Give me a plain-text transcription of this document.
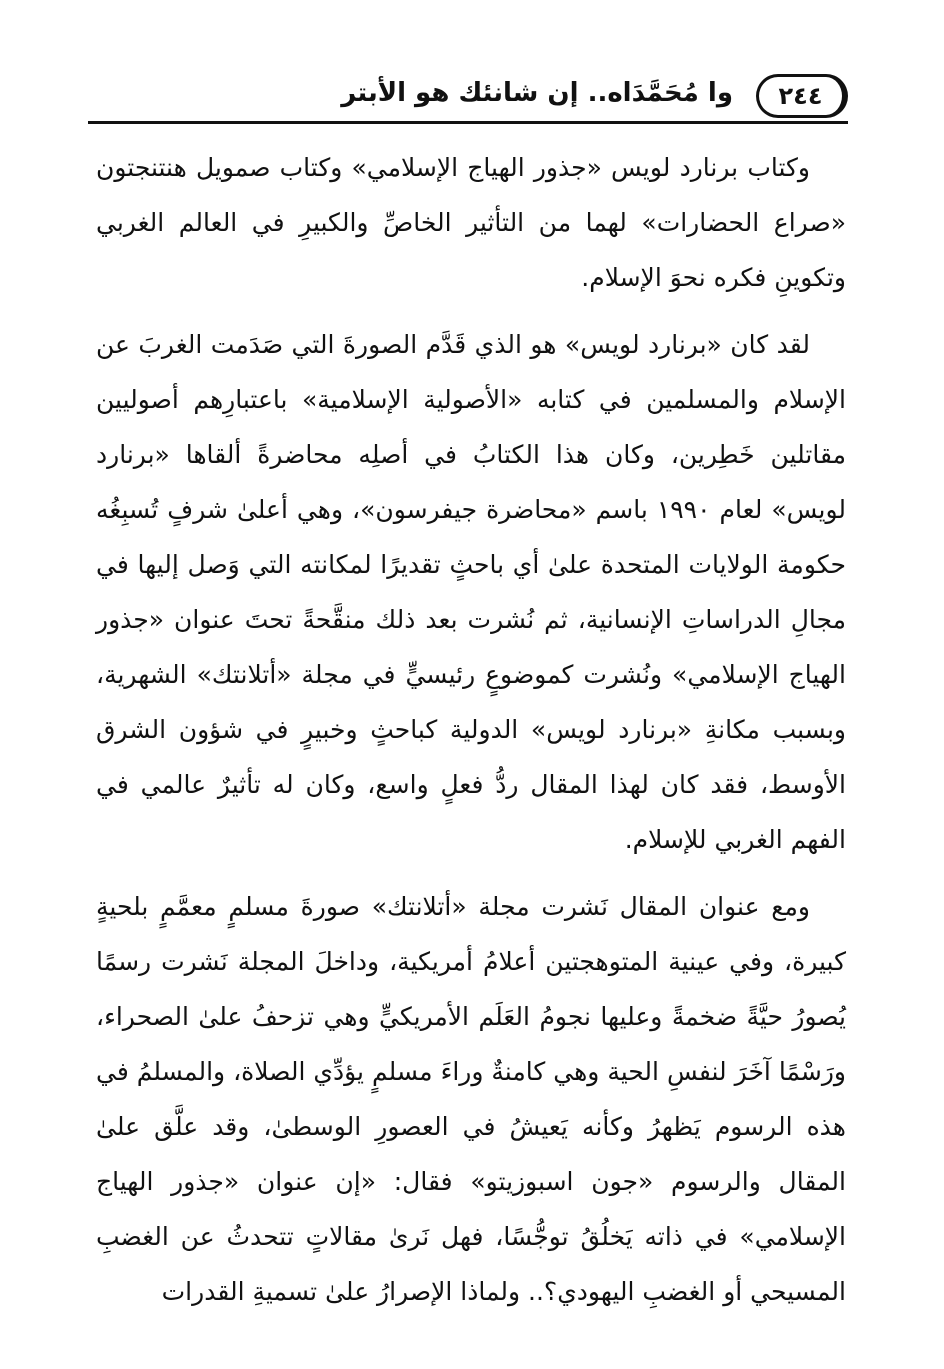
٢٤٤
وا مُحَمَّدَاه.. إن شانئك هو الأبتر

وكتاب برنارد لويس «جذور الهياج الإسلامي» وكتاب صمويل هنتنجتون «صراع الحضارات» لهما من التأثير الخاصِّ والكبيرِ في العالم الغربي وتكوينِ فكره نحوَ الإسلام.

لقد كان «برنارد لويس» هو الذي قَدَّم الصورةَ التي صَدَمت الغربَ عن الإسلام والمسلمين في كتابه «الأصولية الإسلامية» باعتبارِهم أصوليين مقاتلين خَطِرين، وكان هذا الكتابُ في أصلِه محاضرةً ألقاها «برنارد لويس» لعام ١٩٩٠ باسم «محاضرة جيفرسون»، وهي أعلىٰ شرفٍ تُسبِغُه حكومة الولايات المتحدة علىٰ أي باحثٍ تقديرًا لمكانته التي وَصل إليها في مجالِ الدراساتِ الإنسانية، ثم نُشرت بعد ذلك منقَّحةً تحتَ عنوان «جذور الهياج الإسلامي» ونُشرت كموضوعٍ رئيسيٍّ في مجلة «أتلانتك» الشهرية، وبسبب مكانةِ «برنارد لويس» الدولية كباحثٍ وخبيرٍ في شؤون الشرق الأوسط، فقد كان لهذا المقال ردُّ فعلٍ واسع، وكان له تأثيرٌ عالمي في الفهم الغربي للإسلام.

ومع عنوان المقال نَشرت مجلة «أتلانتك» صورةَ مسلمٍ معمَّمٍ بلحيةٍ كبيرة، وفي عينية المتوهجتين أعلامُ أمريكية، وداخلَ المجلة نَشرت رسمًا يُصورُ حيَّةً ضخمةً وعليها نجومُ العَلَم الأمريكيٍّ وهي تزحفُ علىٰ الصحراء، ورَسْمًا آخَرَ لنفسِ الحية وهي كامنةٌ وراءَ مسلمٍ يؤدِّي الصلاة، والمسلمُ في هذه الرسوم يَظهرُ وكأنه يَعيشُ في العصورِ الوسطىٰ، وقد علَّق علىٰ المقال والرسوم «جون اسبوزيتو» فقال: «إن عنوان «جذور الهياج الإسلامي» في ذاته يَخلُقُ توجُّسًا، فهل نَرىٰ مقالاتٍ تتحدثُ عن الغضبِ المسيحي أو الغضبِ اليهودي؟.. ولماذا الإصرارُ علىٰ تسميةِ القدرات
